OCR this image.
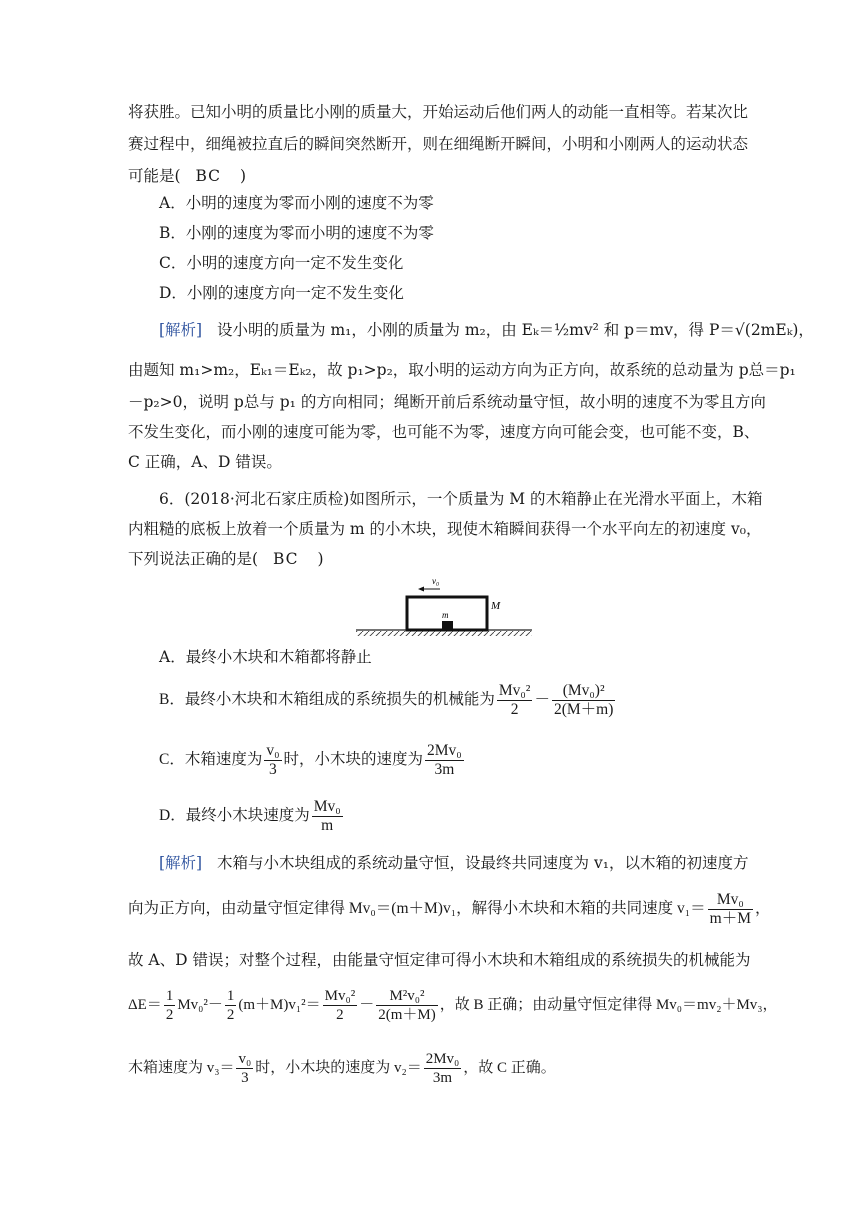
将获胜。已知小明的质量比小刚的质量大，开始运动后他们两人的动能一直相等。若某次比
赛过程中，细绳被拉直后的瞬间突然断开，则在细绳断开瞬间，小明和小刚两人的运动状态
可能是( BC )
A．小明的速度为零而小刚的速度不为零
B．小刚的速度为零而小明的速度不为零
C．小明的速度方向一定不发生变化
D．小刚的速度方向一定不发生变化
[解析] 设小明的质量为 m₁，小刚的质量为 m₂，由 Eₖ＝½mv² 和 p＝mv，得 P＝√(2mEₖ)，
由题知 m₁>m₂，Eₖ₁＝Eₖ₂，故 p₁>p₂，取小明的运动方向为正方向，故系统的总动量为 p总＝p₁
－p₂>0，说明 p总与 p₁ 的方向相同；绳断开前后系统动量守恒，故小明的速度不为零且方向
不发生变化，而小刚的速度可能为零，也可能不为零，速度方向可能会变，也可能不变，B、
C 正确，A、D 错误。
6．(2018·河北石家庄质检)如图所示，一个质量为 M 的木箱静止在光滑水平面上，木箱
内粗糙的底板上放着一个质量为 m 的小木块，现使木箱瞬间获得一个水平向左的初速度 v₀，
下列说法正确的是( BC )
m
M
v₀
A．最终小木块和木箱都将静止
B．最终小木块和木箱组成的系统损失的机械能为 $\frac{\text{Mv₀²}}{2} - \frac{\text{(Mv₀)²}}{2(M+m)}$
C．木箱速度为 $\frac{\text{v₀}}{3}$ 时，小木块的速度为 $\frac{\text{2Mv₀}}{3m}$
D．最终小木块速度为 $\frac{\text{Mv₀}}{m}$
[解析] 木箱与小木块组成的系统动量守恒，设最终共同速度为 v₁，以木箱的初速度方
向为正方向，由动量守恒定律得 Mv₀＝(m＋M)v₁，解得小木块和木箱的共同速度 $v_1= \frac{\text{Mv₀}}{m+M}$ ，
故 A、D 错误；对整个过程，由能量守恒定律可得小木块和木箱组成的系统损失的机械能为
$\Delta E= \frac{1}{2} Mv_0^2- \frac{1}{2} (m+M)v_1^2= \frac{\text{Mv₀²}}{2} - \frac{\text{M²v₀²}}{2(m+M)}$ ，故 B 正确；由动量守恒定律得 Mv₀＝mv₂＋Mv₃，
木箱速度为 $v_3= \frac{\text{v₀}}{3}$ 时，小木块的速度为 $v_2= \frac{\text{2Mv₀}}{3m}$ ，故 C 正确。
